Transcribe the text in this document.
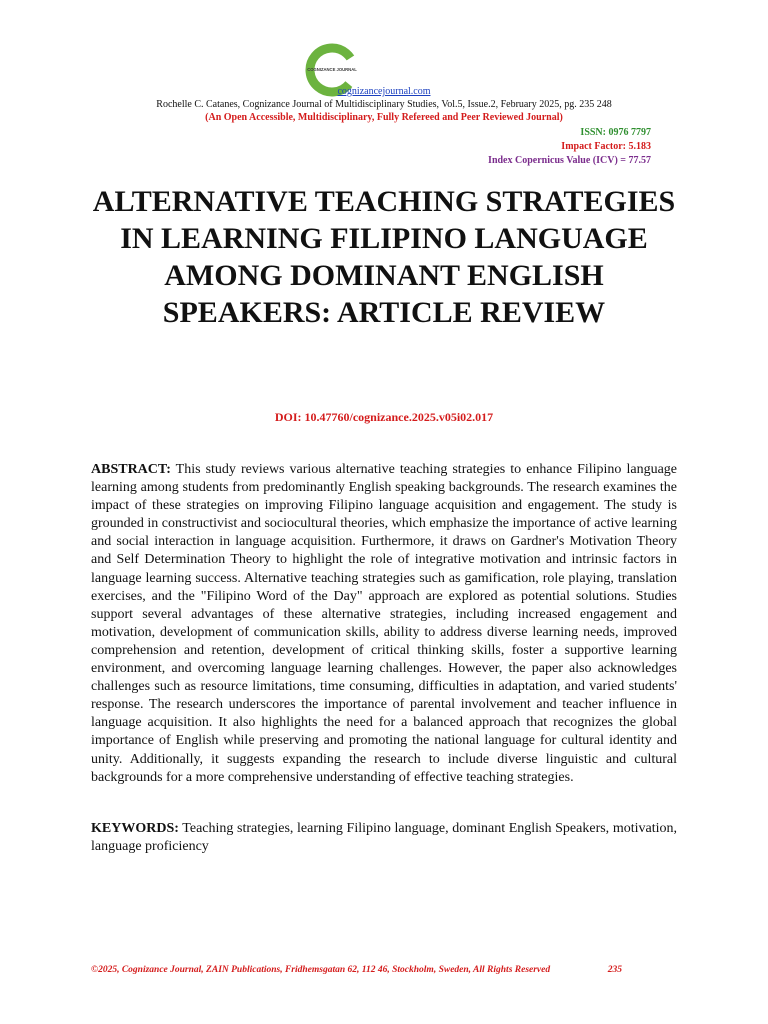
COGNIZANCE JOURNAL
cognizancejournal.com
Rochelle C. Catanes, Cognizance Journal of Multidisciplinary Studies, Vol.5, Issue.2, February 2025, pg. 235 248
(An Open Accessible, Multidisciplinary, Fully Refereed and Peer Reviewed Journal)
ISSN: 0976 7797
Impact Factor: 5.183
Index Copernicus Value (ICV) = 77.57
ALTERNATIVE TEACHING STRATEGIES
IN LEARNING FILIPINO LANGUAGE
AMONG DOMINANT ENGLISH
SPEAKERS: ARTICLE REVIEW
DOI: 10.47760/cognizance.2025.v05i02.017

ABSTRACT: This study reviews various alternative teaching strategies to enhance Filipino language learning among students from predominantly English speaking backgrounds. The research examines the impact of these strategies on improving Filipino language acquisition and engagement. The study is grounded in constructivist and sociocultural theories, which emphasize the importance of active learning and social interaction in language acquisition. Furthermore, it draws on Gardner's Motivation Theory and Self Determination Theory to highlight the role of integrative motivation and intrinsic factors in language learning success. Alternative teaching strategies such as gamification, role playing, translation exercises, and the "Filipino Word of the Day" approach are explored as potential solutions. Studies support several advantages of these alternative strategies, including increased engagement and motivation, development of communication skills, ability to address diverse learning needs, improved comprehension and retention, development of critical thinking skills, foster a supportive learning environment, and overcoming language learning challenges. However, the paper also acknowledges challenges such as resource limitations, time consuming, difficulties in adaptation, and varied students' response. The research underscores the importance of parental involvement and teacher influence in language acquisition. It also highlights the need for a balanced approach that recognizes the global importance of English while preserving and promoting the national language for cultural identity and unity. Additionally, it suggests expanding the research to include diverse linguistic and cultural backgrounds for a more comprehensive understanding of effective teaching strategies.

KEYWORDS: Teaching strategies, learning Filipino language, dominant English Speakers, motivation, language proficiency

©2025, Cognizance Journal, ZAIN Publications, Fridhemsgatan 62, 112 46, Stockholm, Sweden, All Rights Reserved	235
